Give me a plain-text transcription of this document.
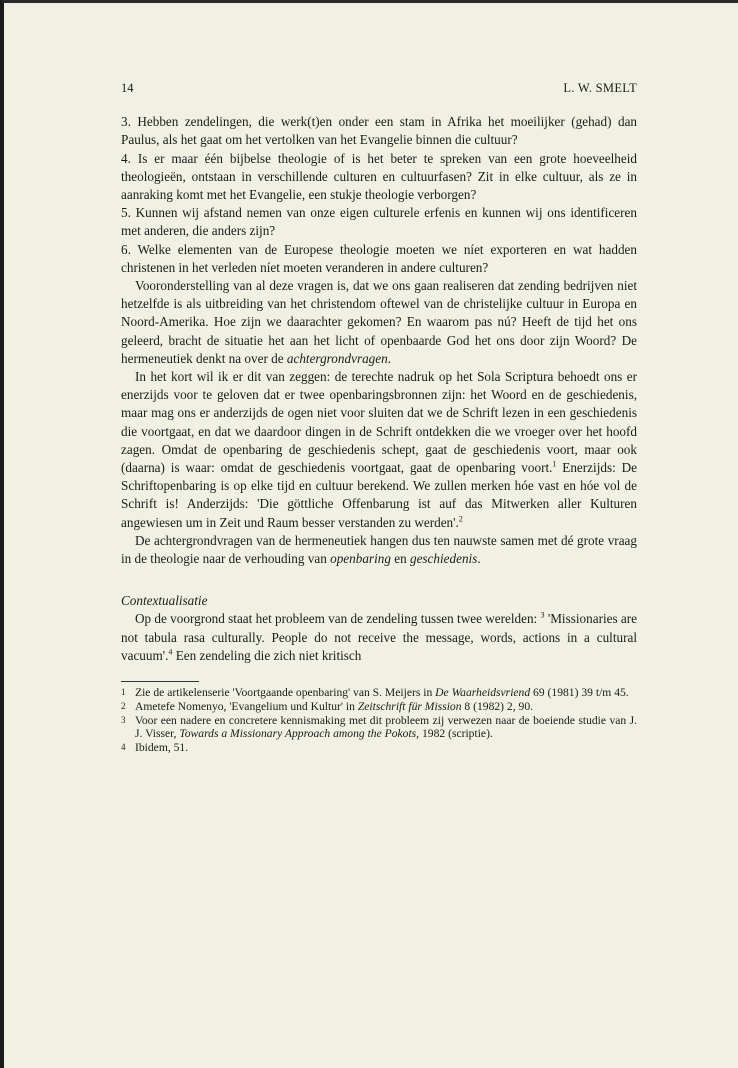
14	L. W. SMELT

3. Hebben zendelingen, die werk(t)en onder een stam in Afrika het moeilijker (gehad) dan Paulus, als het gaat om het vertolken van het Evangelie binnen die cultuur?

4. Is er maar één bijbelse theologie of is het beter te spreken van een grote hoeveelheid theologieën, ontstaan in verschillende culturen en cultuurfasen? Zit in elke cultuur, als ze in aanraking komt met het Evangelie, een stukje theologie verborgen?

5. Kunnen wij afstand nemen van onze eigen culturele erfenis en kunnen wij ons identificeren met anderen, die anders zijn?

6. Welke elementen van de Europese theologie moeten we níet exporteren en wat hadden christenen in het verleden níet moeten veranderen in andere culturen?

Vooronderstelling van al deze vragen is, dat we ons gaan realiseren dat zending bedrijven niet hetzelfde is als uitbreiding van het christendom oftewel van de christelijke cultuur in Europa en Noord-Amerika. Hoe zijn we daarachter gekomen? En waarom pas nú? Heeft de tijd het ons geleerd, bracht de situatie het aan het licht of openbaarde God het ons door zijn Woord? De hermeneutiek denkt na over de achtergrondvragen.

In het kort wil ik er dit van zeggen: de terechte nadruk op het Sola Scriptura behoedt ons er enerzijds voor te geloven dat er twee openbaringsbronnen zijn: het Woord en de geschiedenis, maar mag ons er anderzijds de ogen niet voor sluiten dat we de Schrift lezen in een geschiedenis die voortgaat, en dat we daardoor dingen in de Schrift ontdekken die we vroeger over het hoofd zagen. Omdat de openbaring de geschiedenis schept, gaat de geschiedenis voort, maar ook (daarna) is waar: omdat de geschiedenis voortgaat, gaat de openbaring voort.$^1$ Enerzijds: De Schriftopenbaring is op elke tijd en cultuur berekend. We zullen merken hóe vast en hóe vol de Schrift is! Anderzijds: 'Die göttliche Offenbarung ist auf das Mitwerken aller Kulturen angewiesen um in Zeit und Raum besser verstanden zu werden'.$^2$

De achtergrondvragen van de hermeneutiek hangen dus ten nauwste samen met dé grote vraag in de theologie naar de verhouding van openbaring en geschiedenis.

Contextualisatie

Op de voorgrond staat het probleem van de zendeling tussen twee werelden: $^3$ 'Missionaries are not tabula rasa culturally. People do not receive the message, words, actions in a cultural vacuum'.$^4$ Een zendeling die zich niet kritisch

1 Zie de artikelenserie 'Voortgaande openbaring' van S. Meijers in De Waarheidsvriend 69 (1981) 39 t/m 45.
2 Ametefe Nomenyo, 'Evangelium und Kultur' in Zeitschrift für Mission 8 (1982) 2, 90.
3 Voor een nadere en concretere kennismaking met dit probleem zij verwezen naar de boeiende studie van J. J. Visser, Towards a Missionary Approach among the Pokots, 1982 (scriptie).
4 Ibidem, 51.
